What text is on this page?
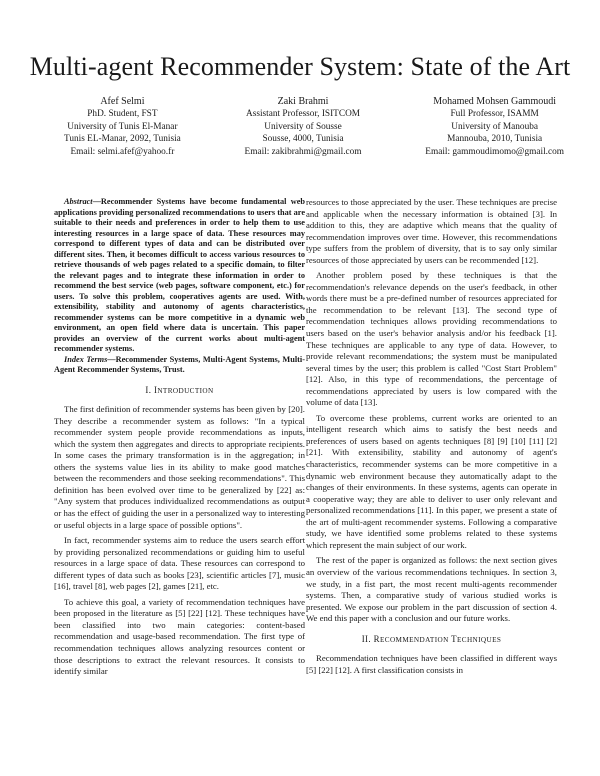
Multi-agent Recommender System: State of the Art
Afef Selmi
PhD. Student, FST
University of Tunis El-Manar
Tunis EL-Manar, 2092, Tunisia
Email: selmi.afef@yahoo.fr
Zaki Brahmi
Assistant Professor, ISITCOM
University of Sousse
Sousse, 4000, Tunisia
Email: zakibrahmi@gmail.com
Mohamed Mohsen Gammoudi
Full Professor, ISAMM
University of Manouba
Mannouba, 2010, Tunisia
Email: gammoudimomo@gmail.com

Abstract—Recommender Systems have become fundamental web applications providing personalized recommendations to users that are suitable to their needs and preferences in order to help them to use interesting resources in a large space of data. These resources may correspond to different types of data and can be distributed over different sites. Then, it becomes difficult to access various resources to retrieve thousands of web pages related to a specific domain, to filter the relevant pages and to integrate these information in order to recommend the best service (web pages, software component, etc.) for users. To solve this problem, cooperatives agents are used. With, extensibility, stability and autonomy of agents characteristics, recommender systems can be more competitive in a dynamic web environment, an open field where data is uncertain. This paper provides an overview of the current works about multi-agent recommender systems.

Index Terms—Recommender Systems, Multi-Agent Systems, Multi-Agent Recommender Systems, Trust.

I. INTRODUCTION

The first definition of recommender systems has been given by [20]. They describe a recommender system as follows: "In a typical recommender system people provide recommendations as inputs, which the system then aggregates and directs to appropriate recipients. In some cases the primary transformation is in the aggregation; in others the systems value lies in its ability to make good matches between the recommenders and those seeking recommendations". This definition has been evolved over time to be generalized by [22] as: "Any system that produces individualized recommendations as output or has the effect of guiding the user in a personalized way to interesting or useful objects in a large space of possible options".

In fact, recommender systems aim to reduce the users search effort by providing personalized recommendations or guiding him to useful resources in a large space of data. These resources can correspond to different types of data such as books [23], scientific articles [7], music [16], travel [8], web pages [2], games [21], etc.

To achieve this goal, a variety of recommendation techniques have been proposed in the literature as [5] [22] [12]. These techniques have been classified into two main categories: content-based recommendation and usage-based recommendation. The first type of recommendation techniques allows analyzing resources content or those descriptions to extract the relevant resources. It consists to identify similar

resources to those appreciated by the user. These techniques are precise and applicable when the necessary information is obtained [3]. In addition to this, they are adaptive which means that the quality of recommendation improves over time. However, this recommendations type suffers from the problem of diversity, that is to say only similar resources of those appreciated by users can be recommended [12].

Another problem posed by these techniques is that the recommendation's relevance depends on the user's feedback, in other words there must be a pre-defined number of resources appreciated for the recommendation to be relevant [13]. The second type of recommendation techniques allows providing recommendations to users based on the user's behavior analysis and/or his feedback [1]. These techniques are applicable to any type of data. However, to provide relevant recommendations; the system must be manipulated several times by the user; this problem is called "Cost Start Problem" [12]. Also, in this type of recommendations, the percentage of recommendations appreciated by users is low compared with the volume of data [13].

To overcome these problems, current works are oriented to an intelligent research which aims to satisfy the best needs and preferences of users based on agents techniques [8] [9] [10] [11] [2] [21]. With extensibility, stability and autonomy of agent's characteristics, recommender systems can be more competitive in a dynamic web environment because they automatically adapt to the changes of their environments. In these systems, agents can operate in a cooperative way; they are able to deliver to user only relevant and personalized recommendations [11]. In this paper, we present a state of the art of multi-agent recommender systems. Following a comparative study, we have identified some problems related to these systems which represent the main subject of our work.

The rest of the paper is organized as follows: the next section gives an overview of the various recommendations techniques. In section 3, we study, in a fist part, the most recent multi-agents recommender systems. Then, a comparative study of various studied works is presented. We expose our problem in the part discussion of section 4. We end this paper with a conclusion and our future works.

II. RECOMMENDATION TECHNIQUES

Recommendation techniques have been classified in different ways [5] [22] [12]. A first classification consists in
